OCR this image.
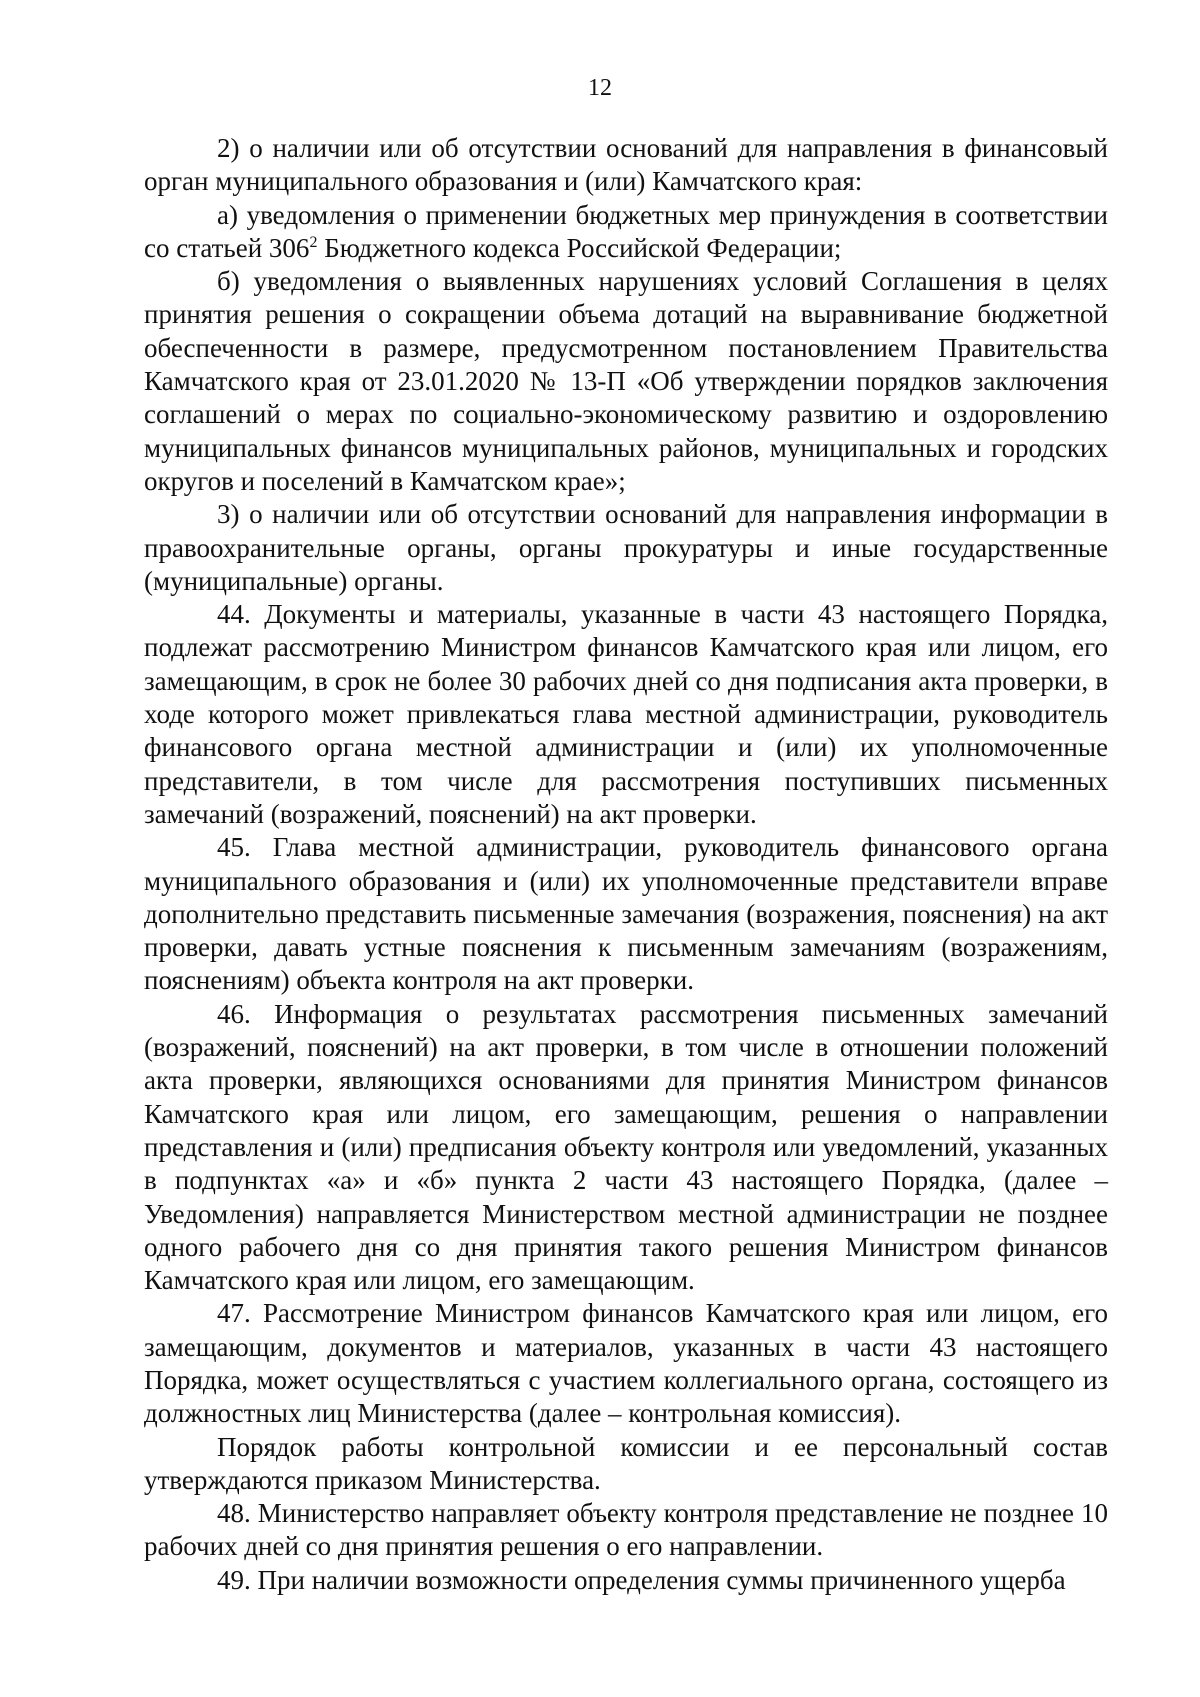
12

2) о наличии или об отсутствии оснований для направления в финансовый орган муниципального образования и (или) Камчатского края:

а) уведомления о применении бюджетных мер принуждения в соответствии со статьей $306^2$ Бюджетного кодекса Российской Федерации;

б) уведомления о выявленных нарушениях условий Соглашения в целях принятия решения о сокращении объема дотаций на выравнивание бюджетной обеспеченности в размере, предусмотренном постановлением Правительства Камчатского края от 23.01.2020 № 13-П «Об утверждении порядков заключения соглашений о мерах по социально-экономическому развитию и оздоровлению муниципальных финансов муниципальных районов, муниципальных и городских округов и поселений в Камчатском крае»;

3) о наличии или об отсутствии оснований для направления информации в правоохранительные органы, органы прокуратуры и иные государственные (муниципальные) органы.

44. Документы и материалы, указанные в части 43 настоящего Порядка, подлежат рассмотрению Министром финансов Камчатского края или лицом, его замещающим, в срок не более 30 рабочих дней со дня подписания акта проверки, в ходе которого может привлекаться глава местной администрации, руководитель финансового органа местной администрации и (или) их уполномоченные представители, в том числе для рассмотрения поступивших письменных замечаний (возражений, пояснений) на акт проверки.

45. Глава местной администрации, руководитель финансового органа муниципального образования и (или) их уполномоченные представители вправе дополнительно представить письменные замечания (возражения, пояснения) на акт проверки, давать устные пояснения к письменным замечаниям (возражениям, пояснениям) объекта контроля на акт проверки.

46. Информация о результатах рассмотрения письменных замечаний (возражений, пояснений) на акт проверки, в том числе в отношении положений акта проверки, являющихся основаниями для принятия Министром финансов Камчатского края или лицом, его замещающим, решения о направлении представления и (или) предписания объекту контроля или уведомлений, указанных в подпунктах «а» и «б» пункта 2 части 43 настоящего Порядка, (далее – Уведомления) направляется Министерством местной администрации не позднее одного рабочего дня со дня принятия такого решения Министром финансов Камчатского края или лицом, его замещающим.

47. Рассмотрение Министром финансов Камчатского края или лицом, его замещающим, документов и материалов, указанных в части 43 настоящего Порядка, может осуществляться с участием коллегиального органа, состоящего из должностных лиц Министерства (далее – контрольная комиссия).

Порядок работы контрольной комиссии и ее персональный состав утверждаются приказом Министерства.

48. Министерство направляет объекту контроля представление не позднее 10 рабочих дней со дня принятия решения о его направлении.

49. При наличии возможности определения суммы причиненного ущерба
